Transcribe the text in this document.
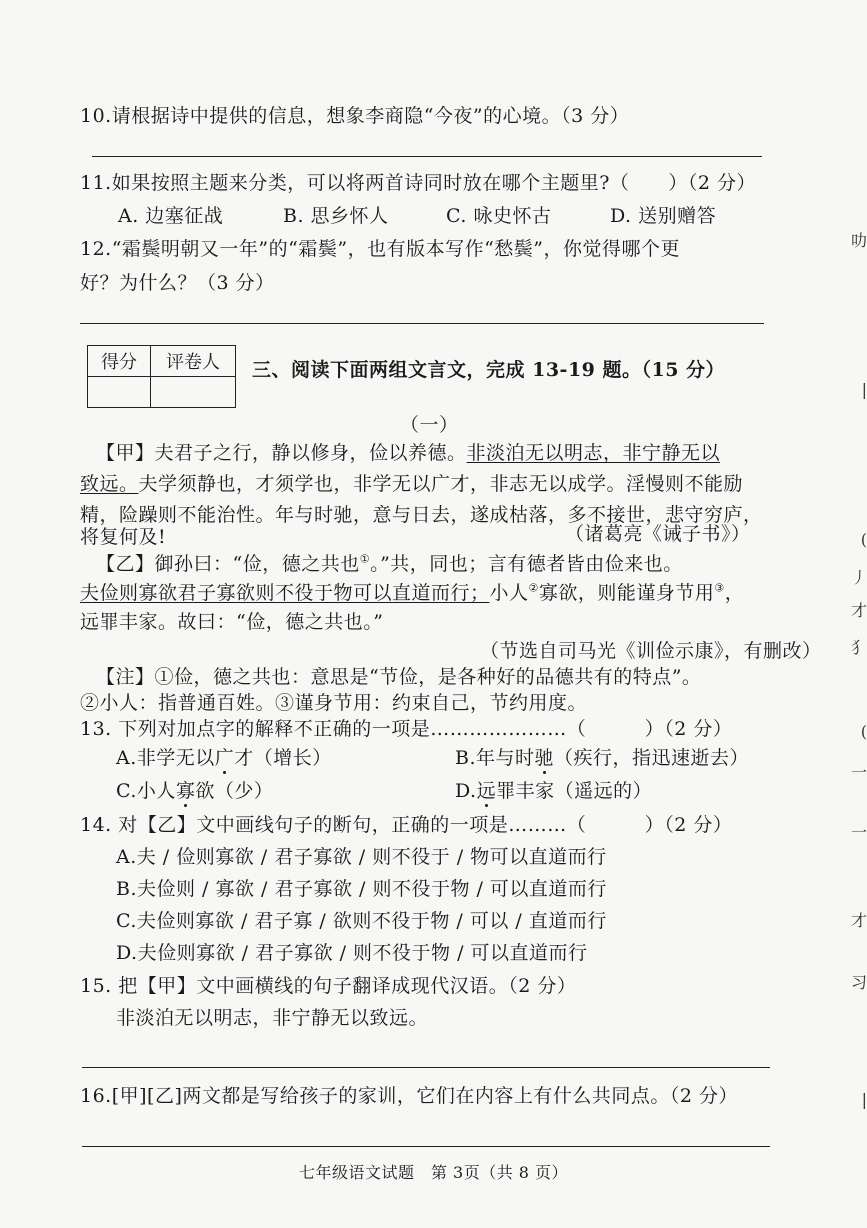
10.请根据诗中提供的信息，想象李商隐“今夜”的心境。（3 分）
11.如果按照主题来分类，可以将两首诗同时放在哪个主题里?（　　）（2 分）
A. 边塞征战	B. 思乡怀人	C. 咏史怀古	D. 送别赠答
12.“霜鬓明朝又一年”的“霜鬓”，也有版本写作“愁鬓”，你觉得哪个更
好？为什么？（3 分）
得分	评卷人
	三、阅读下面两组文言文，完成 13-19 题。（15 分）
（一）
【甲】夫君子之行，静以修身，俭以养德。非淡泊无以明志，非宁静无以
致远。夫学须静也，才须学也，非学无以广才，非志无以成学。淫慢则不能励
精，险躁则不能治性。年与时驰，意与日去，遂成枯落，多不接世，悲守穷庐，
将复何及!	（诸葛亮《诫子书》）
【乙】御孙曰：“俭，德之共也①。”共，同也；言有德者皆由俭来也。
夫俭则寡欲君子寡欲则不役于物可以直道而行；小人②寡欲，则能谨身节用③，
远罪丰家。故曰：“俭，德之共也。”
（节选自司马光《训俭示康》，有删改）
【注】①俭，德之共也：意思是“节俭，是各种好的品德共有的特点”。
②小人：指普通百姓。③谨身节用：约束自己，节约用度。
13. 下列对加点字的解释不正确的一项是…………………（　　　）（2 分）
A.非学无以广才（增长）	B.年与时驰（疾行，指迅速逝去）
C.小人寡欲（少）	D.远罪丰家（遥远的）
14. 对【乙】文中画线句子的断句，正确的一项是………（　　　）（2 分）
A.夫 / 俭则寡欲 / 君子寡欲 / 则不役于 / 物可以直道而行
B.夫俭则 / 寡欲 / 君子寡欲 / 则不役于物 / 可以直道而行
C.夫俭则寡欲 / 君子寡 / 欲则不役于物 / 可以 / 直道而行
D.夫俭则寡欲 / 君子寡欲 / 则不役于物 / 可以直道而行
15. 把【甲】文中画横线的句子翻译成现代汉语。（2 分）
非淡泊无以明志，非宁静无以致远。
16.[甲][乙]两文都是写给孩子的家训，它们在内容上有什么共同点。（2 分）
七年级语文试题　第 3页（共 8 页）
叻
|
(
丿
才
犭
(
一
一
才
习
|
